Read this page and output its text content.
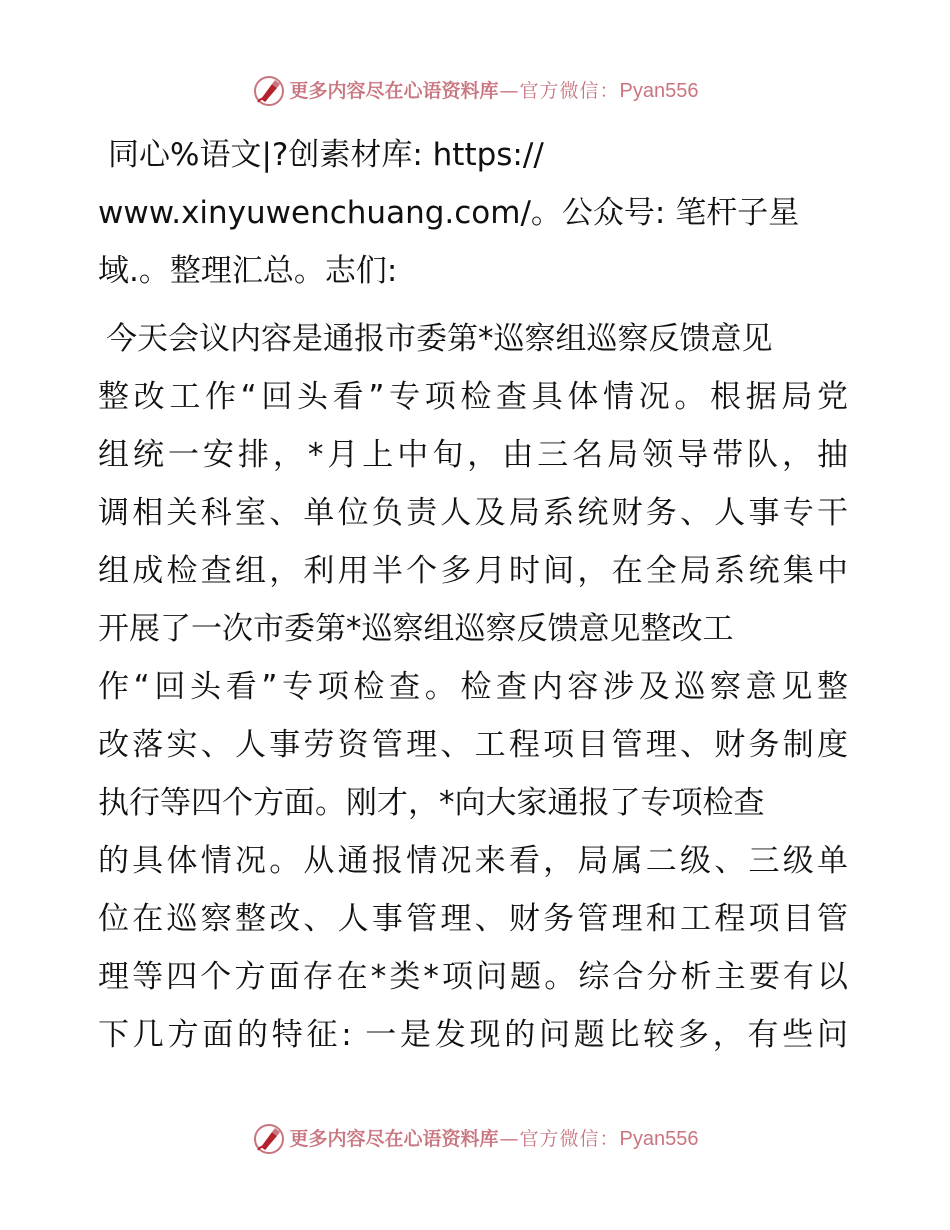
更多内容尽在心语资料库 — 官方微信： Pyan556
同心%语文|?创素材库: https://
www.xinyuwenchuang.com/。公众号: 笔杆子星
域.。整理汇总。志们:
今天会议内容是通报市委第*巡察组巡察反馈意见
整改工作“回头看”专项检查具体情况。根据局党
组统一安排，*月上中旬，由三名局领导带队，抽
调相关科室、单位负责人及局系统财务、人事专干
组成检查组，利用半个多月时间，在全局系统集中
开展了一次市委第*巡察组巡察反馈意见整改工
作“回头看”专项检查。检查内容涉及巡察意见整
改落实、人事劳资管理、工程项目管理、财务制度
执行等四个方面。刚才，*向大家通报了专项检查
的具体情况。从通报情况来看，局属二级、三级单
位在巡察整改、人事管理、财务管理和工程项目管
理等四个方面存在*类*项问题。综合分析主要有以
下几方面的特征: 一是发现的问题比较多，有些问
更多内容尽在心语资料库 — 官方微信： Pyan556
